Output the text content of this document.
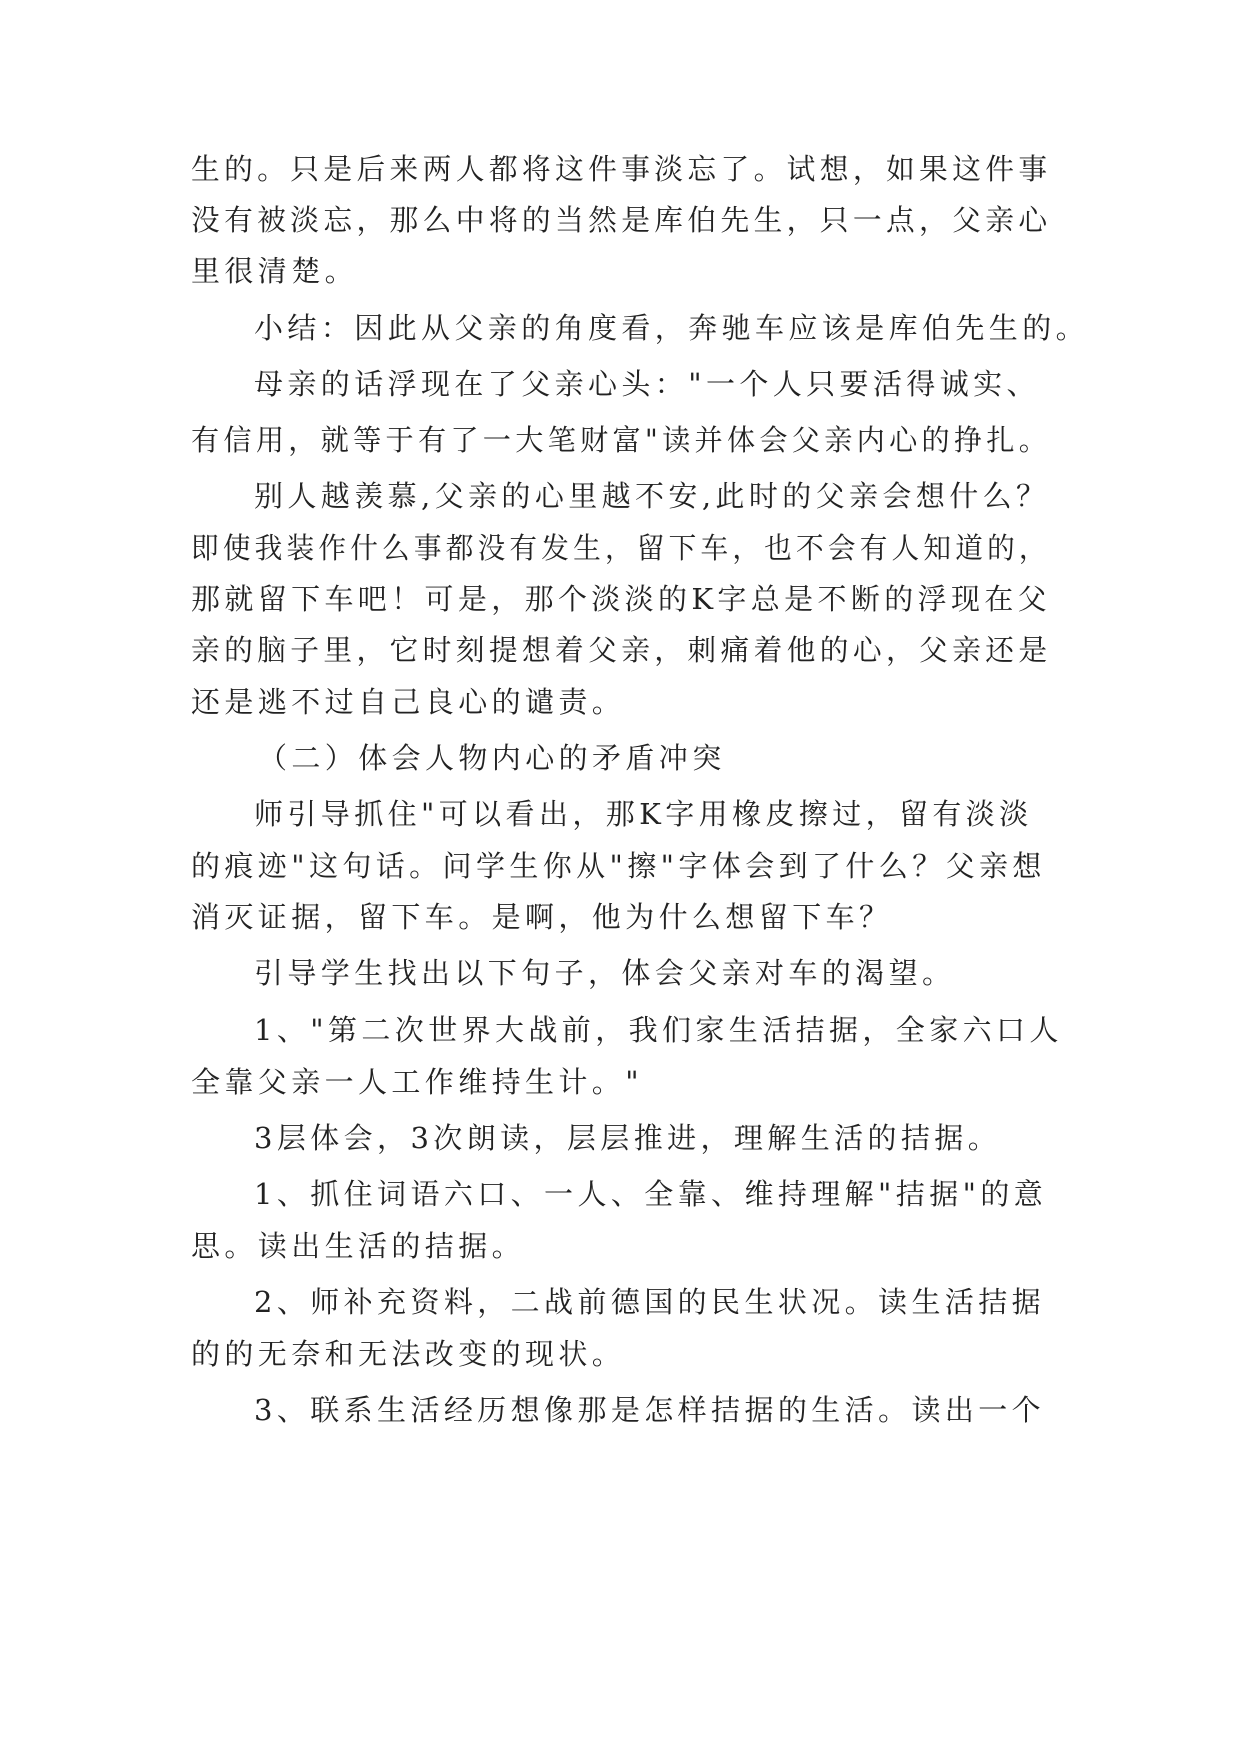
生的。只是后来两人都将这件事淡忘了。试想，如果这件事
没有被淡忘，那么中将的当然是库伯先生，只一点，父亲心
里很清楚。
小结：因此从父亲的角度看，奔驰车应该是库伯先生的。
母亲的话浮现在了父亲心头："一个人只要活得诚实、
有信用，就等于有了一大笔财富"读并体会父亲内心的挣扎。
别人越羡慕,父亲的心里越不安,此时的父亲会想什么？
即使我装作什么事都没有发生，留下车，也不会有人知道的，
那就留下车吧！可是，那个淡淡的K字总是不断的浮现在父
亲的脑子里，它时刻提想着父亲，刺痛着他的心，父亲还是
还是逃不过自己良心的谴责。
（二）体会人物内心的矛盾冲突
师引导抓住"可以看出，那K字用橡皮擦过，留有淡淡
的痕迹"这句话。问学生你从"擦"字体会到了什么？父亲想
消灭证据，留下车。是啊，他为什么想留下车？
引导学生找出以下句子，体会父亲对车的渴望。
1、"第二次世界大战前，我们家生活拮据，全家六口人
全靠父亲一人工作维持生计。"
3层体会，3次朗读，层层推进，理解生活的拮据。
1、抓住词语六口、一人、全靠、维持理解"拮据"的意
思。读出生活的拮据。
2、师补充资料，二战前德国的民生状况。读生活拮据
的的无奈和无法改变的现状。
3、联系生活经历想像那是怎样拮据的生活。读出一个
